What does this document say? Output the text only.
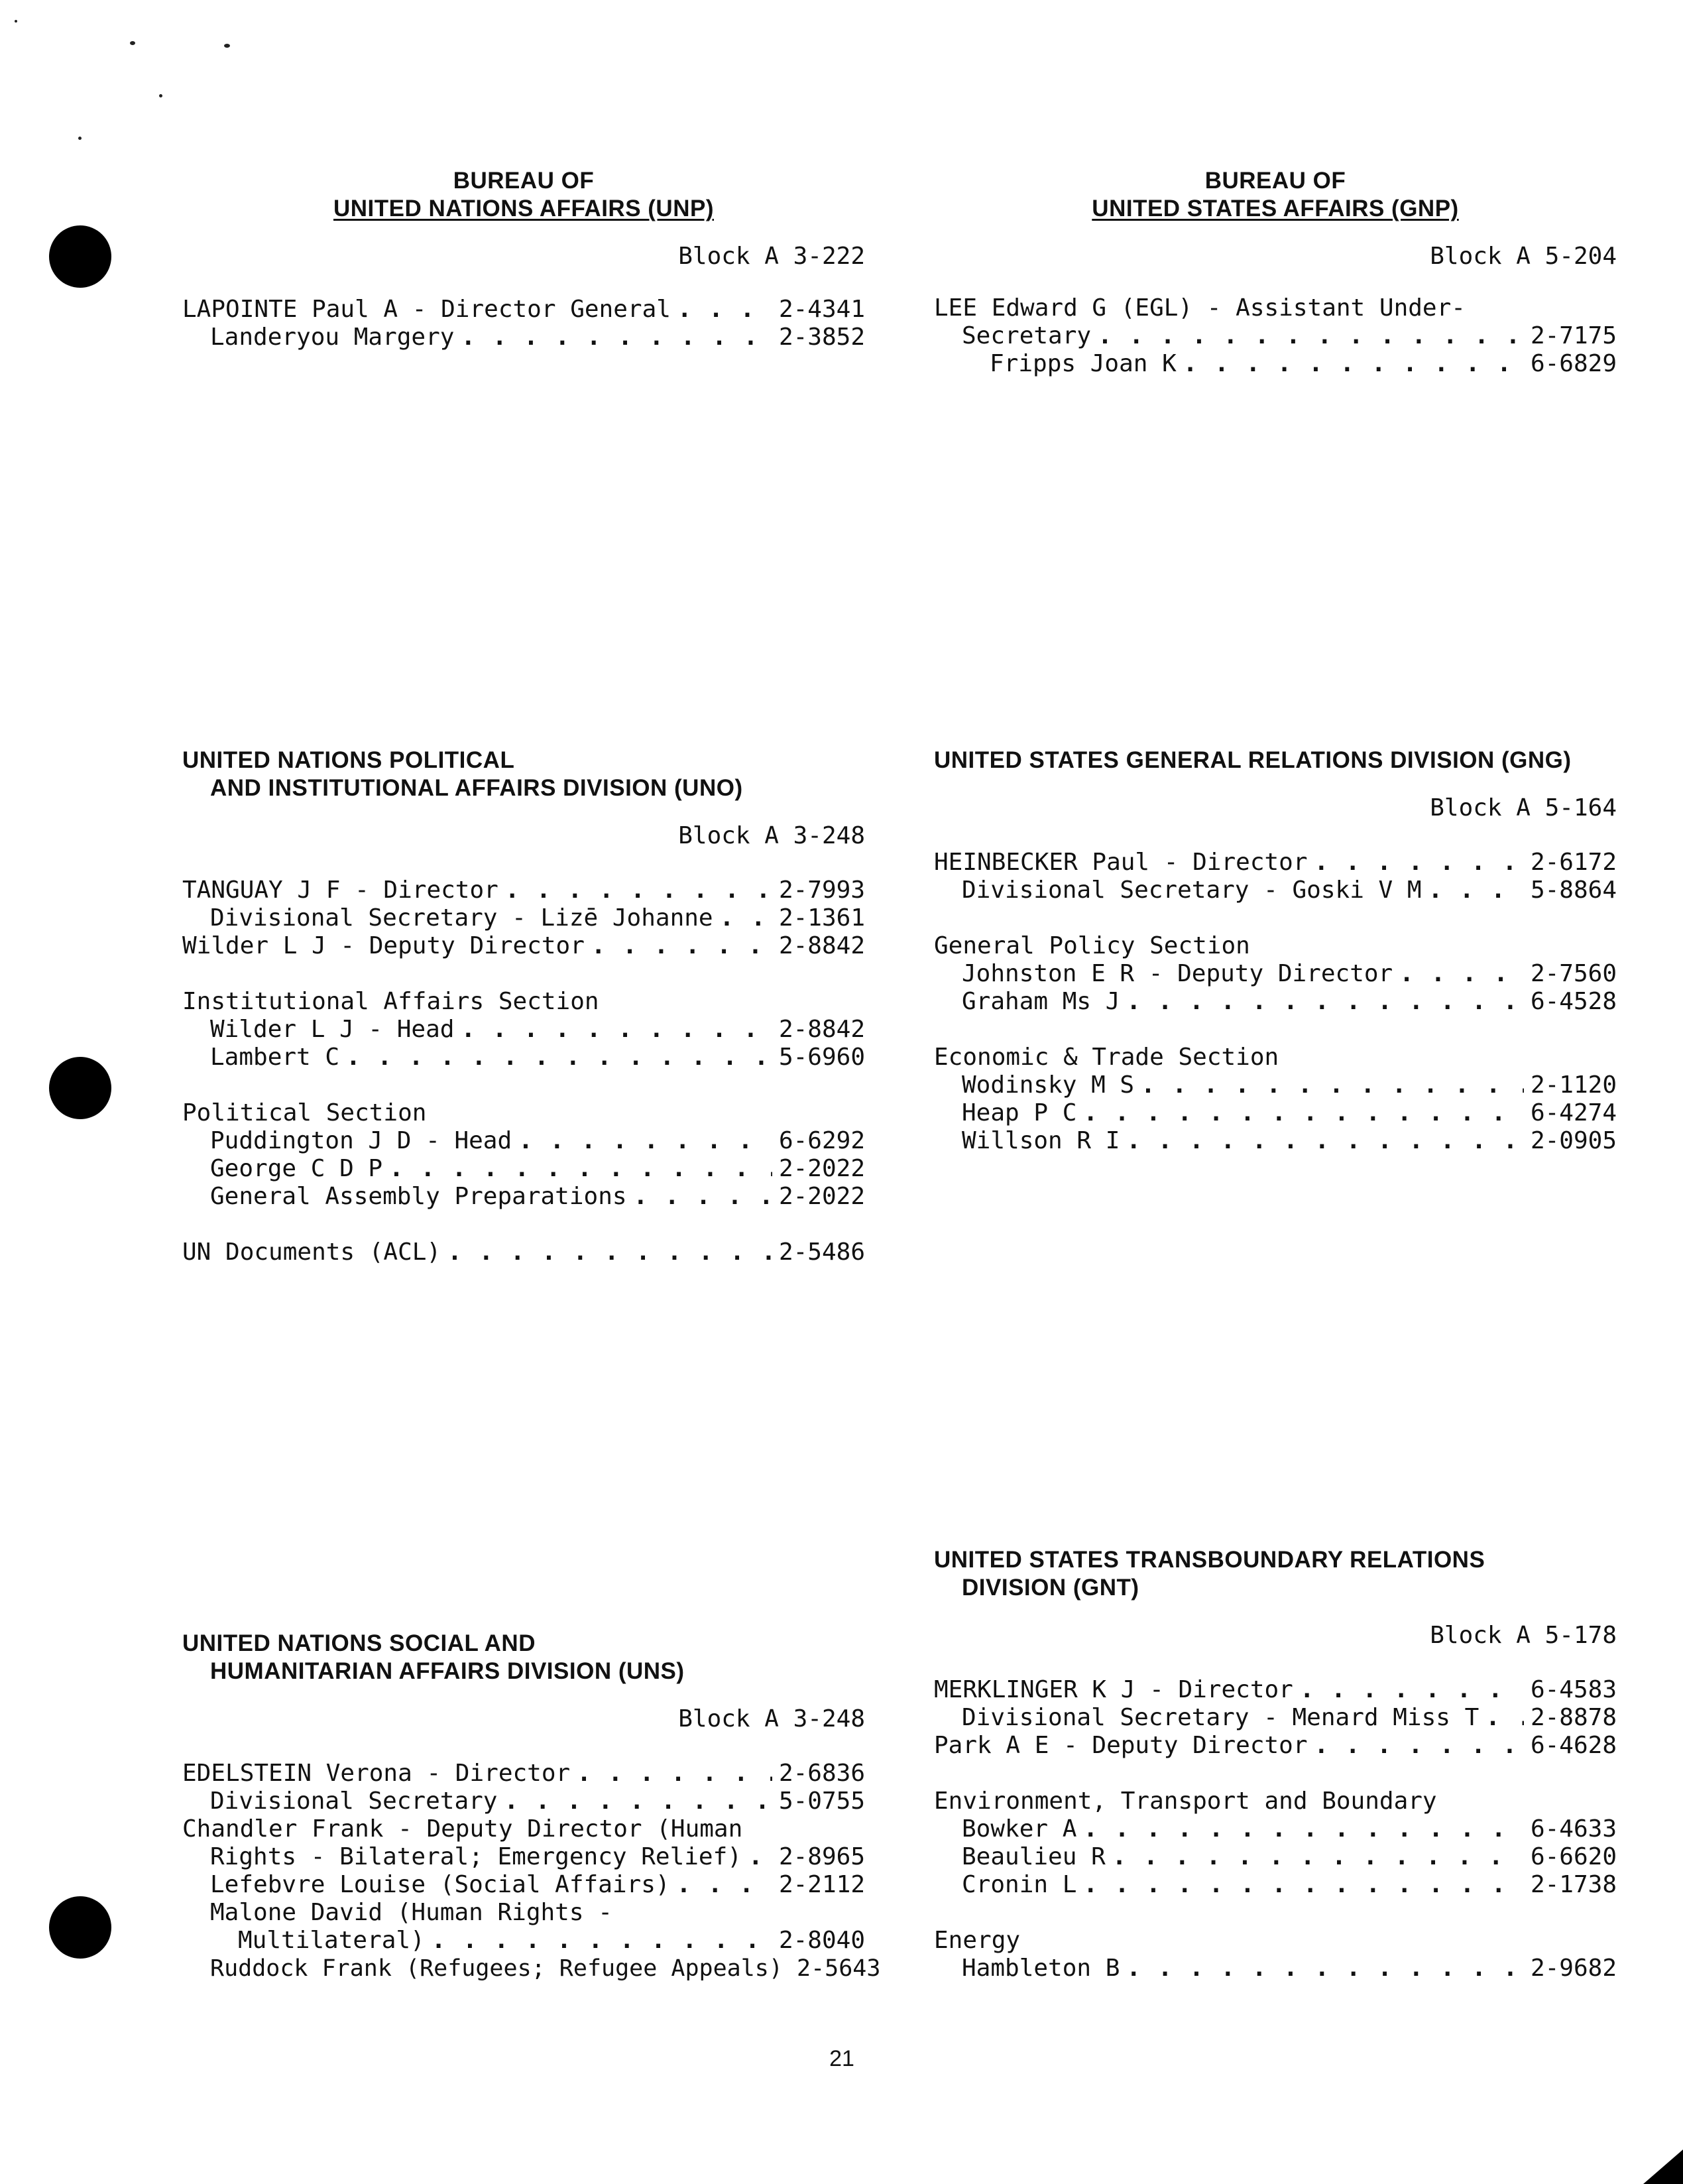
BUREAU OF
UNITED NATIONS AFFAIRS (UNP)
Block A 3-222
LAPOINTE Paul A - Director General . . .	2-4341
Landeryou Margery . . .	2-3852
BUREAU OF
UNITED STATES AFFAIRS (GNP)
Block A 5-204
LEE Edward G (EGL) - Assistant Under-
Secretary . . .	2-7175
Fripps Joan K . . .	6-6829
UNITED NATIONS POLITICAL
AND INSTITUTIONAL AFFAIRS DIVISION (UNO)
Block A 3-248
TANGUAY J F - Director . . .	2-7993
Divisional Secretary - Lizē Johanne . . .	2-1361
Wilder L J - Deputy Director . . .	2-8842
Institutional Affairs Section
Wilder L J - Head . . .	2-8842
Lambert C . . .	5-6960
Political Section
Puddington J D - Head . . .	6-6292
George C D P . . .	2-2022
General Assembly Preparations . . .	2-2022
UN Documents (ACL) . . .	2-5486
UNITED STATES GENERAL RELATIONS DIVISION (GNG)
Block A 5-164
HEINBECKER Paul - Director . . .	2-6172
Divisional Secretary - Goski V M . . .	5-8864
General Policy Section
Johnston E R - Deputy Director . . .	2-7560
Graham Ms J . . .	6-4528
Economic & Trade Section
Wodinsky M S . . .	2-1120
Heap P C . . .	6-4274
Willson R I . . .	2-0905
UNITED NATIONS SOCIAL AND
HUMANITARIAN AFFAIRS DIVISION (UNS)
Block A 3-248
EDELSTEIN Verona - Director . . .	2-6836
Divisional Secretary . . .	5-0755
Chandler Frank - Deputy Director (Human
Rights - Bilateral; Emergency Relief) . . . 2-8965
Lefebvre Louise (Social Affairs) . . .	2-2112
Malone David (Human Rights -
Multilateral) . . .	2-8040
Ruddock Frank (Refugees; Refugee Appeals) 2-5643
UNITED STATES TRANSBOUNDARY RELATIONS
DIVISION (GNT)
Block A 5-178
MERKLINGER K J - Director . . .	6-4583
Divisional Secretary - Menard Miss T . . . 2-8878
Park A E - Deputy Director . . .	6-4628
Environment, Transport and Boundary
Bowker A . . .	6-4633
Beaulieu R . . .	6-6620
Cronin L . . .	2-1738
Energy
Hambleton B . . .	2-9682
21
